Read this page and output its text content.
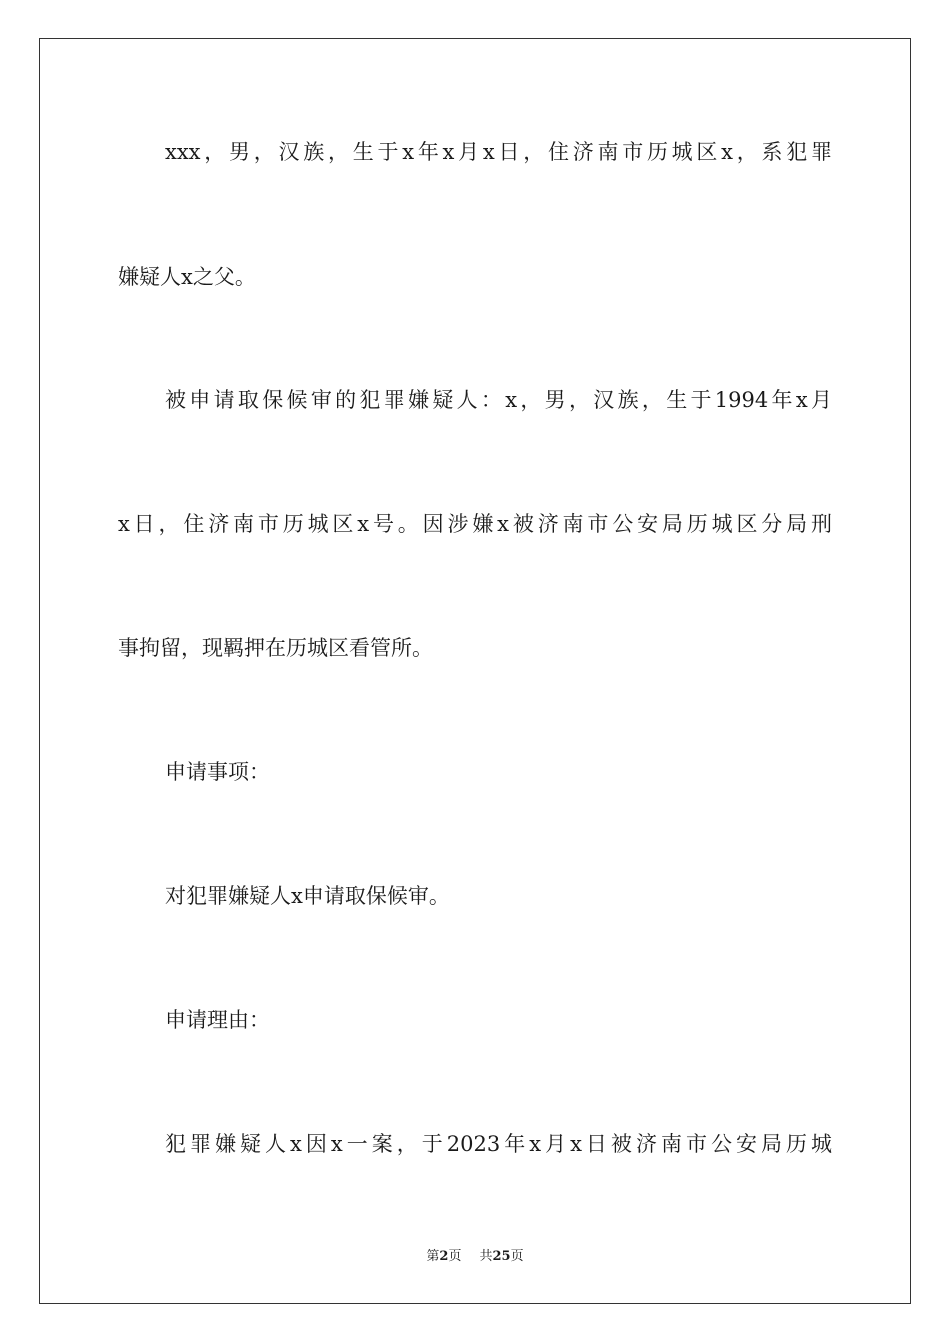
xxx，男，汉族，生于x年x月x日，住济南市历城区x，系犯罪
嫌疑人x之父。
被申请取保候审的犯罪嫌疑人：x，男，汉族，生于1994年x月
x日，住济南市历城区x号。因涉嫌x被济南市公安局历城区分局刑
事拘留，现羁押在历城区看管所。
申请事项：
对犯罪嫌疑人x申请取保候审。
申请理由：
犯罪嫌疑人x因x一案，于2023年x月x日被济南市公安局历城
第2页 共25页
